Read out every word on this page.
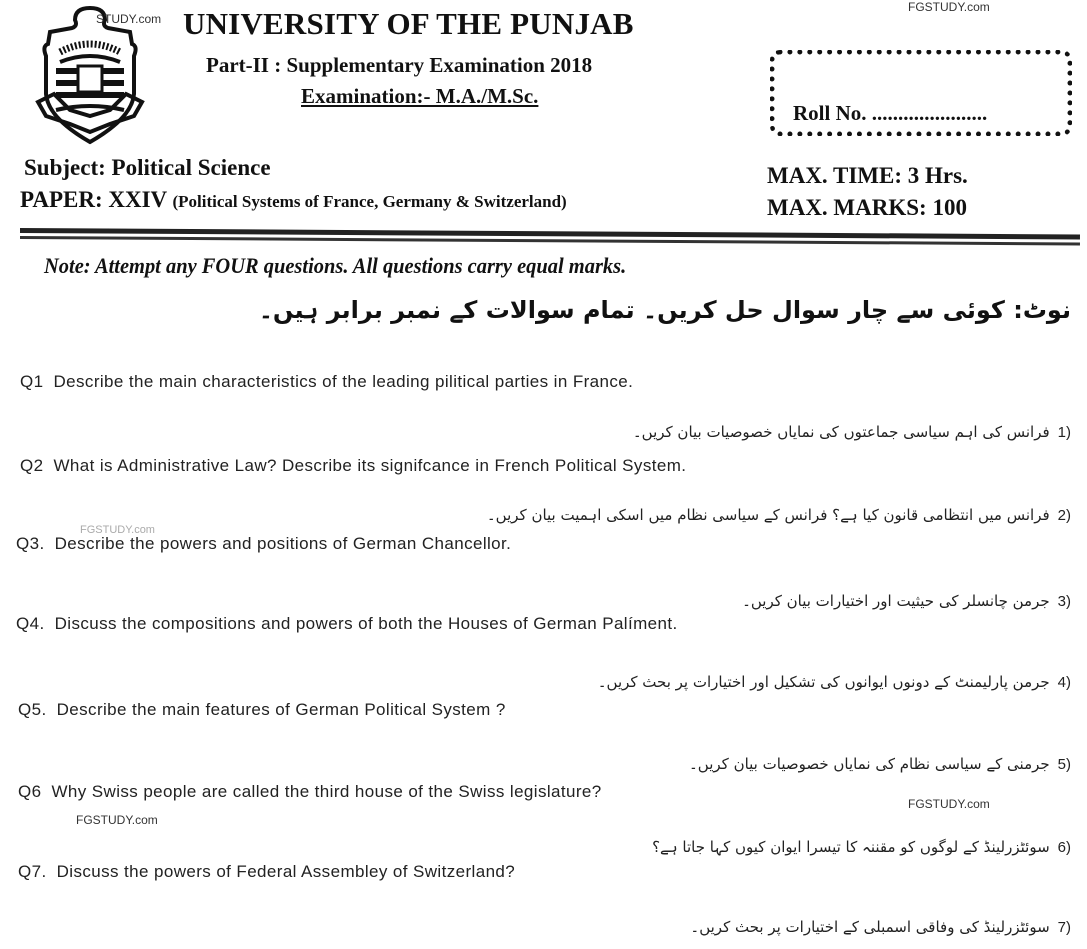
STUDY.com
FGSTUDY.com
UNIVERSITY OF THE PUNJAB
Part-II : Supplementary Examination 2018
Examination:- M.A./M.Sc.
Roll No. ......................
Subject: Political Science
PAPER: XXIV (Political Systems of France, Germany & Switzerland)
MAX. TIME: 3 Hrs.
MAX. MARKS: 100
Note: Attempt any FOUR questions. All questions carry equal marks.
نوٹ: کوئی سے چار سوال حل کریں۔ تمام سوالات کے نمبر برابر ہیں۔
Q1 Describe the main characteristics of the leading pilitical parties in France.
1)فرانس کی اہم سیاسی جماعتوں کی نمایاں خصوصیات بیان کریں۔
Q2 What is Administrative Law? Describe its signifcance in French Political System.
2)فرانس میں انتظامی قانون کیا ہے؟ فرانس کے سیاسی نظام میں اسکی اہمیت بیان کریں۔
FGSTUDY.com
Q3. Describe the powers and positions of German Chancellor.
3)جرمن چانسلر کی حیثیت اور اختیارات بیان کریں۔
Q4. Discuss the compositions and powers of both the Houses of German Palíment.
4)جرمن پارلیمنٹ کے دونوں ایوانوں کی تشکیل اور اختیارات پر بحث کریں۔
Q5. Describe the main features of German Political System ?
5)جرمنی کے سیاسی نظام کی نمایاں خصوصیات بیان کریں۔
Q6 Why Swiss people are called the third house of the Swiss legislature?
FGSTUDY.com
FGSTUDY.com
6)سوئٹزرلینڈ کے لوگوں کو مقننہ کا تیسرا ایوان کیوں کہا جاتا ہے؟
Q7. Discuss the powers of Federal Assembley of Switzerland?
7)سوئٹزرلینڈ کی وفاقی اسمبلی کے اختیارات پر بحث کریں۔
